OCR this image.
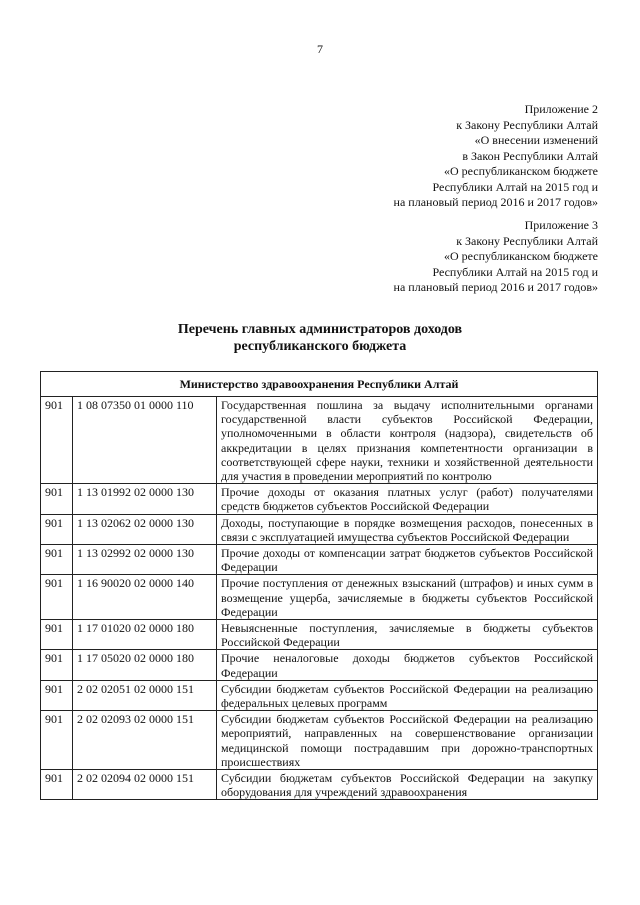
7
Приложение 2
к Закону Республики Алтай
«О внесении изменений
в Закон Республики Алтай
«О республиканском бюджете
Республики Алтай на 2015 год и
на плановый период 2016 и 2017 годов»
Приложение 3
к Закону Республики Алтай
«О республиканском бюджете
Республики Алтай на 2015 год и
на плановый период 2016 и 2017 годов»
Перечень главных администраторов доходов
республиканского бюджета
Министерство здравоохранения Республики Алтай		
901	1 08 07350 01 0000 110	Государственная пошлина за выдачу исполнительными органами государственной власти субъектов Российской Федерации, уполномоченными в области контроля (надзора), свидетельств об аккредитации в целях признания компетентности организации в соответствующей сфере науки, техники и хозяйственной деятельности для участия в проведении мероприятий по контролю
901	1 13 01992 02 0000 130	Прочие доходы от оказания платных услуг (работ) получателями средств бюджетов субъектов Российской Федерации
901	1 13 02062 02 0000 130	Доходы, поступающие в порядке возмещения расходов, понесенных в связи с эксплуатацией имущества субъектов Российской Федерации
901	1 13 02992 02 0000 130	Прочие доходы от компенсации затрат бюджетов субъектов Российской Федерации
901	1 16 90020 02 0000 140	Прочие поступления от денежных взысканий (штрафов) и иных сумм в возмещение ущерба, зачисляемые в бюджеты субъектов Российской Федерации
901	1 17 01020 02 0000 180	Невыясненные поступления, зачисляемые в бюджеты субъектов Российской Федерации
901	1 17 05020 02 0000 180	Прочие неналоговые доходы бюджетов субъектов Российской Федерации
901	2 02 02051 02 0000 151	Субсидии бюджетам субъектов Российской Федерации на реализацию федеральных целевых программ
901	2 02 02093 02 0000 151	Субсидии бюджетам субъектов Российской Федерации на реализацию мероприятий, направленных на совершенствование организации медицинской помощи пострадавшим при дорожно-транспортных происшествиях
901	2 02 02094 02 0000 151	Субсидии бюджетам субъектов Российской Федерации на закупку оборудования для учреждений здравоохранения
